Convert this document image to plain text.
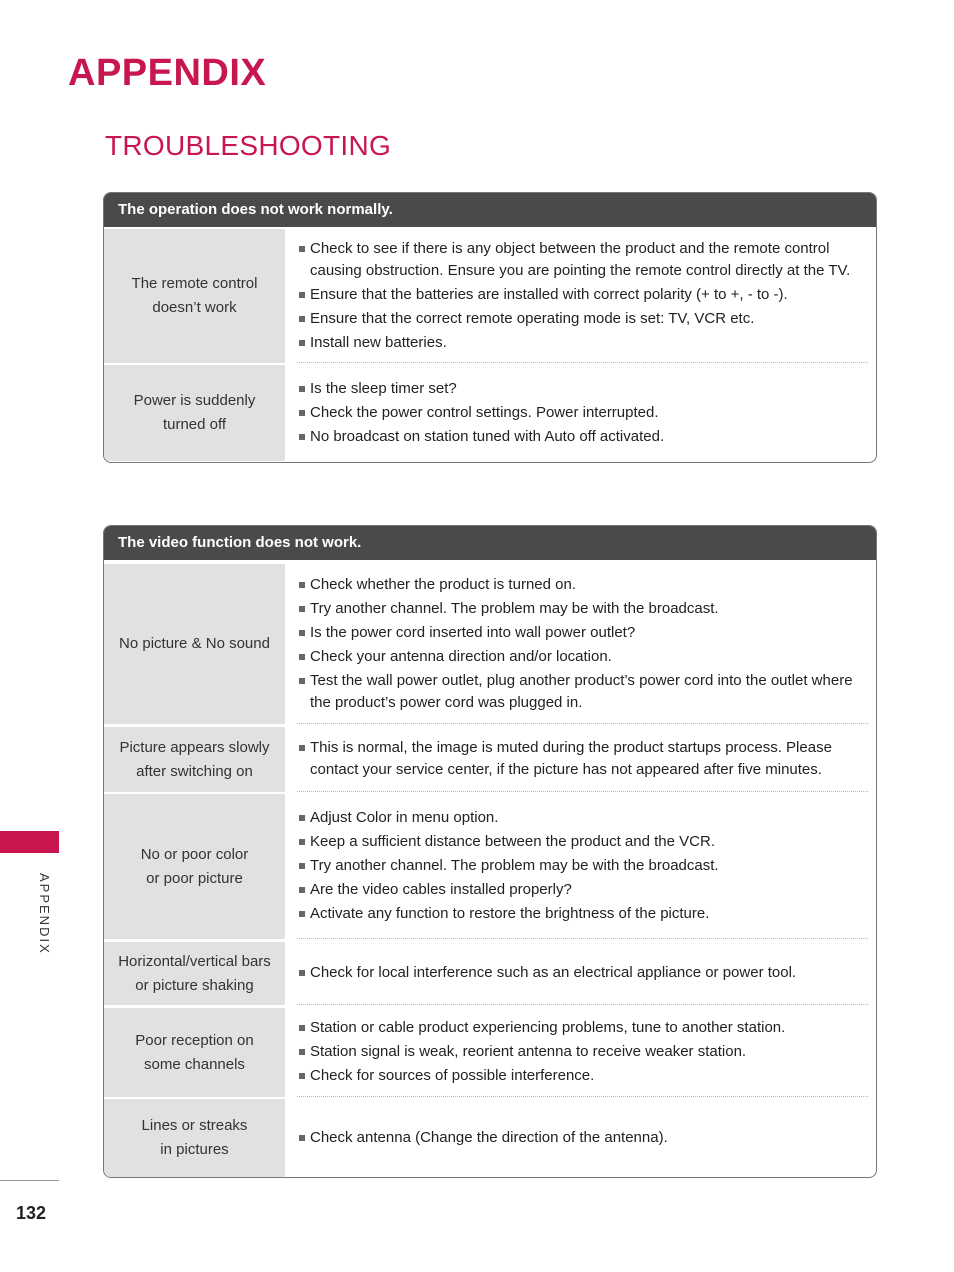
APPENDIX
TROUBLESHOOTING
The operation does not work normally.
The remote control
doesn’t work
Check to see if there is any object between the product and the remote control causing obstruction. Ensure you are pointing the remote control directly at the TV.
Ensure that the batteries are installed with correct polarity (+ to +, - to -).
Ensure that the correct remote operating mode is set: TV, VCR etc.
Install new batteries.
Power is suddenly
turned off
Is the sleep timer set?
Check the power control settings. Power interrupted.
No broadcast on station tuned with Auto off activated.
The video function does not work.
No picture & No sound
Check whether the product is turned on.
Try another channel. The problem may be with the broadcast.
Is the power cord inserted into wall power outlet?
Check your antenna direction and/or location.
Test the wall power outlet, plug another product’s power cord into the outlet where the product’s power cord was plugged in.
Picture appears slowly
after switching on
This is normal, the image is muted during the product startups process. Please contact your service center, if the picture has not appeared after five minutes.
No or poor color
or poor picture
Adjust Color in menu option.
Keep a sufficient distance between the product and the VCR.
Try another channel. The problem may be with the broadcast.
Are the video cables installed properly?
Activate any function to restore the brightness of the picture.
Horizontal/vertical bars
or picture shaking
Check for local interference such as an electrical appliance or power tool.
Poor reception on
some channels
Station or cable product experiencing problems, tune to another station.
Station signal is weak, reorient antenna to receive weaker station.
Check for sources of possible interference.
Lines or streaks
in pictures
Check antenna (Change the direction of the antenna).
APPENDIX
132
